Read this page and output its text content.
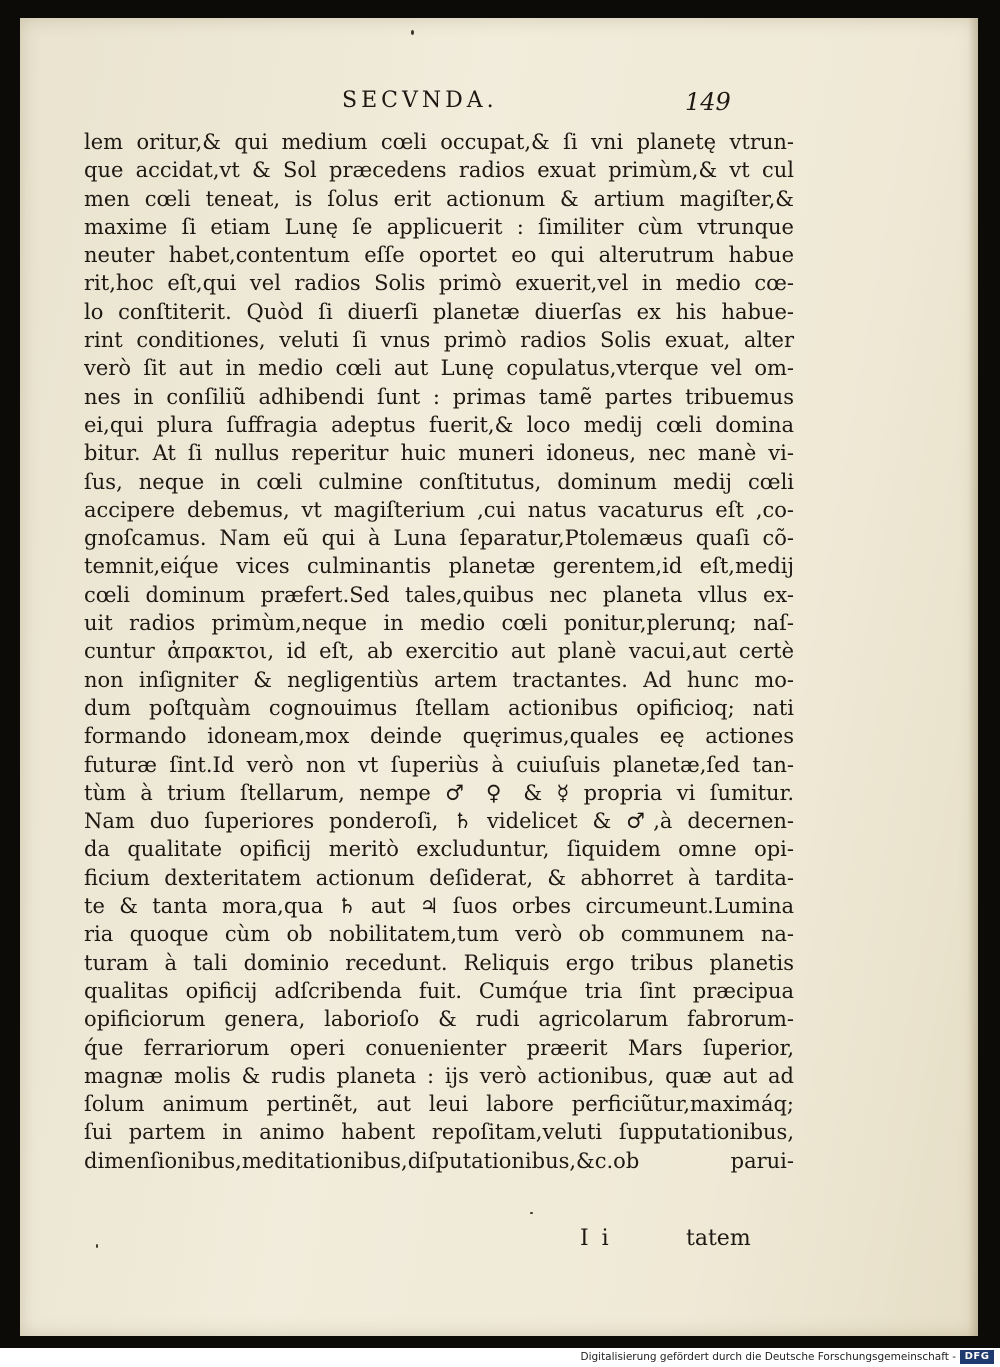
SECVNDA.	149
lem oritur,& qui medium cœli occupat,& ſi vni planetę vtrun-
que accidat,vt & Sol præcedens radios exuat primùm,& vt cul
men cœli teneat, is ſolus erit actionum & artium magiſter,&
maxime ſi etiam Lunę ſe applicuerit : ſimiliter cùm vtrunque
neuter habet,contentum eſſe oportet eo qui alterutrum habue
rit,hoc eſt,qui vel radios Solis primò exuerit,vel in medio cœ-
lo conſtiterit. Quòd ſi diuerſi planetæ diuerſas ex his habue-
rint conditiones, veluti ſi vnus primò radios Solis exuat, alter
verò ſit aut in medio cœli aut Lunę copulatus,vterque vel om-
nes in conſiliũ adhibendi ſunt : primas tamẽ partes tribuemus
ei,qui plura ſuffragia adeptus fuerit,& loco medij cœli domina
bitur. At ſi nullus reperitur huic muneri idoneus, nec manè vi-
ſus, neque in cœli culmine conſtitutus, dominum medij cœli
accipere debemus, vt magiſterium ,cui natus vacaturus eſt ,co-
gnoſcamus. Nam eũ qui à Luna ſeparatur,Ptolemæus quaſi cõ-
temnit,eiq́ue vices culminantis planetæ gerentem,id eſt,medij
cœli dominum præfert.Sed tales,quibus nec planeta vllus ex-
uit radios primùm,neque in medio cœli ponitur,plerunq; naſ-
cuntur ἀπρακτοι, id eſt, ab exercitio aut planè vacui,aut certè
non inſigniter & negligentiùs artem tractantes. Ad hunc mo-
dum poſtquàm cognouimus ſtellam actionibus opificioq; nati
formando idoneam,mox deinde quęrimus,quales eę actiones
futuræ ſint.Id verò non vt ſuperiùs à cuiuſuis planetæ,ſed tan-
tùm à trium ſtellarum, nempe ♂ ♀ & ☿ propria vi ſumitur.
Nam duo ſuperiores ponderoſi, ♄ videlicet & ♂,à decernen-
da qualitate opificij meritò excluduntur, ſiquidem omne opi-
ficium dexteritatem actionum deſiderat, & abhorret à tardita-
te & tanta mora,qua ♄ aut ♃ ſuos orbes circumeunt.Lumina
ria quoque cùm ob nobilitatem,tum verò ob communem na-
turam à tali dominio recedunt. Reliquis ergo tribus planetis
qualitas opificij adſcribenda fuit. Cumq́ue tria ſint præcipua
opificiorum genera, laborioſo & rudi agricolarum fabrorum-
q́ue ferrariorum operi conuenienter præerit Mars ſuperior,
magnæ molis & rudis planeta : ijs verò actionibus, quæ aut ad
ſolum animum pertinẽt, aut leui labore perficiũtur,maximáq;
ſui partem in animo habent repoſitam,veluti ſupputationibus,
dimenſionibus,meditationibus,diſputationibus,&c.ob parui-
I i	tatem
Digitalisierung gefördert durch die Deutsche Forschungsgemeinschaft - DFG
